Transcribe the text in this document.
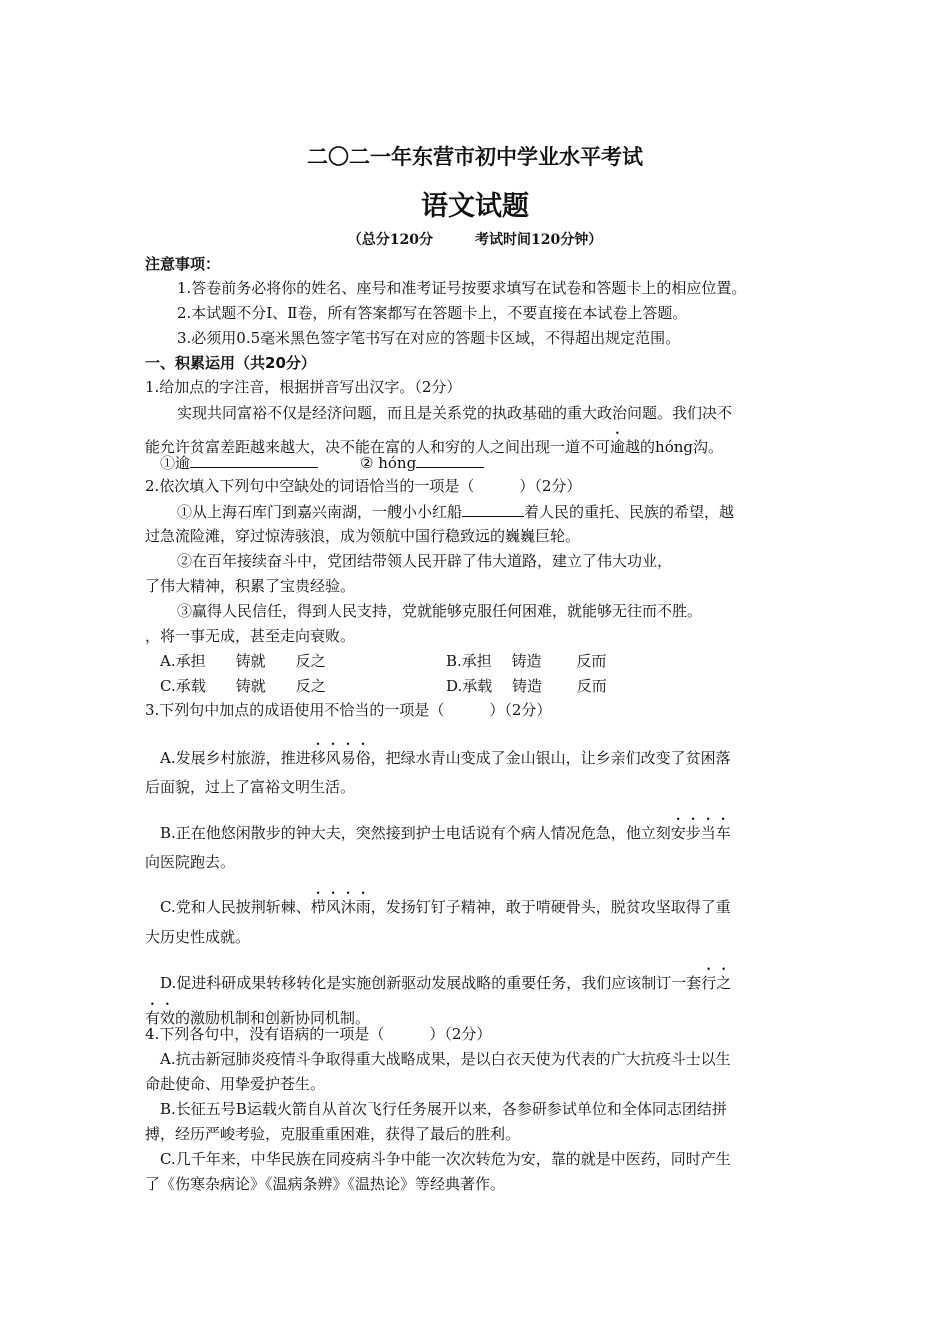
二〇二一年东营市初中学业水平考试
语文试题
（总分120分　　　考试时间120分钟）
注意事项：
1.答卷前务必将你的姓名、座号和准考证号按要求填写在试卷和答题卡上的相应位置。
2.本试题不分Ⅰ、Ⅱ卷，所有答案都写在答题卡上，不要直接在本试卷上答题。
3.必须用0.5毫米黑色签字笔书写在对应的答题卡区域，不得超出规定范围。
一、积累运用（共20分）
1.给加点的字注音，根据拼音写出汉字。（2分）
实现共同富裕不仅是经济问题，而且是关系党的执政基础的重大政治问题。我们决不
能允许贫富差距越来越大，决不能在富的人和穷的人之间出现一道不可逾越的hóng沟。
①逾	② hóng
2.依次填入下列句中空缺处的词语恰当的一项是（　　　）（2分）
①从上海石库门到嘉兴南湖，一艘小小红船	着人民的重托、民族的希望，越
过急流险滩，穿过惊涛骇浪，成为领航中国行稳致远的巍巍巨轮。
②在百年接续奋斗中，党团结带领人民开辟了伟大道路，建立了伟大功业，
了伟大精神，积累了宝贵经验。
③赢得人民信任，得到人民支持，党就能够克服任何困难，就能够无往而不胜。
，将一事无成，甚至走向衰败。
A.承担　　铸就　　反之	B.承担　 铸造　　 反而
C.承载　　铸就　　反之	D.承载　 铸造　　 反而
3.下列句中加点的成语使用不恰当的一项是（　　　）（2分）
A.发展乡村旅游，推进移风易俗，把绿水青山变成了金山银山，让乡亲们改变了贫困落
后面貌，过上了富裕文明生活。
B.正在他悠闲散步的钟大夫，突然接到护士电话说有个病人情况危急，他立刻安步当车
向医院跑去。
C.党和人民披荆斩棘、栉风沐雨，发扬钉钉子精神，敢于啃硬骨头，脱贫攻坚取得了重
大历史性成就。
D.促进科研成果转移转化是实施创新驱动发展战略的重要任务，我们应该制订一套行之
有效的激励机制和创新协同机制。
4.下列各句中，没有语病的一项是（　　　）（2分）
A.抗击新冠肺炎疫情斗争取得重大战略成果，是以白衣天使为代表的广大抗疫斗士以生
命赴使命、用挚爱护苍生。
B.长征五号B运载火箭自从首次飞行任务展开以来，各参研参试单位和全体同志团结拼
搏，经历严峻考验，克服重重困难，获得了最后的胜利。
C.几千年来，中华民族在同疫病斗争中能一次次转危为安，靠的就是中医药，同时产生
了《伤寒杂病论》《温病条辨》《温热论》等经典著作。
